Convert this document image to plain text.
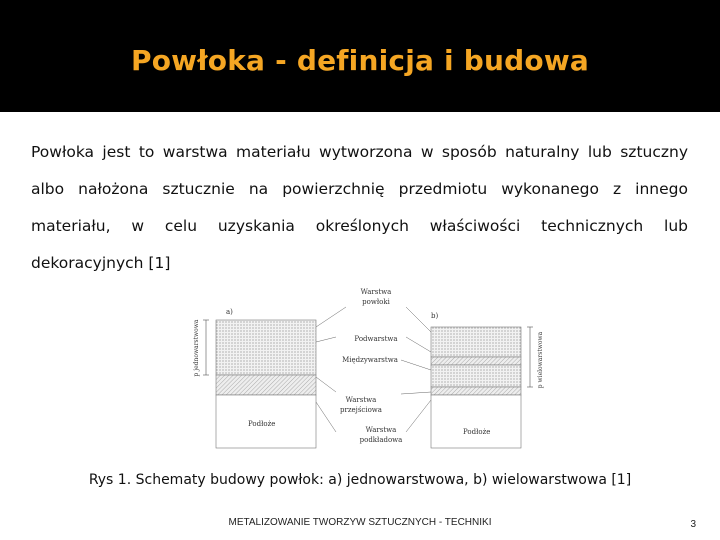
Powłoka - definicja i budowa
Powłoka jest to warstwa materiału wytworzona w sposób naturalny lub sztuczny albo nałożona sztucznie na powierzchnię przedmiotu wykonanego z innego materiału, w celu uzyskania określonych właściwości technicznych lub dekoracyjnych [1]
p jednowarstwowa
a)
Podłoże
p wielowarstwowa
b)
Podłoże
Warstwa
powłoki
Podwarstwa
Międzywarstwa
Warstwa
przejściowa
Warstwa
podkładowa
Rys 1. Schematy budowy powłok: a) jednowarstwowa, b) wielowarstwowa [1]
METALIZOWANIE TWORZYW SZTUCZNYCH - TECHNIKI	3
